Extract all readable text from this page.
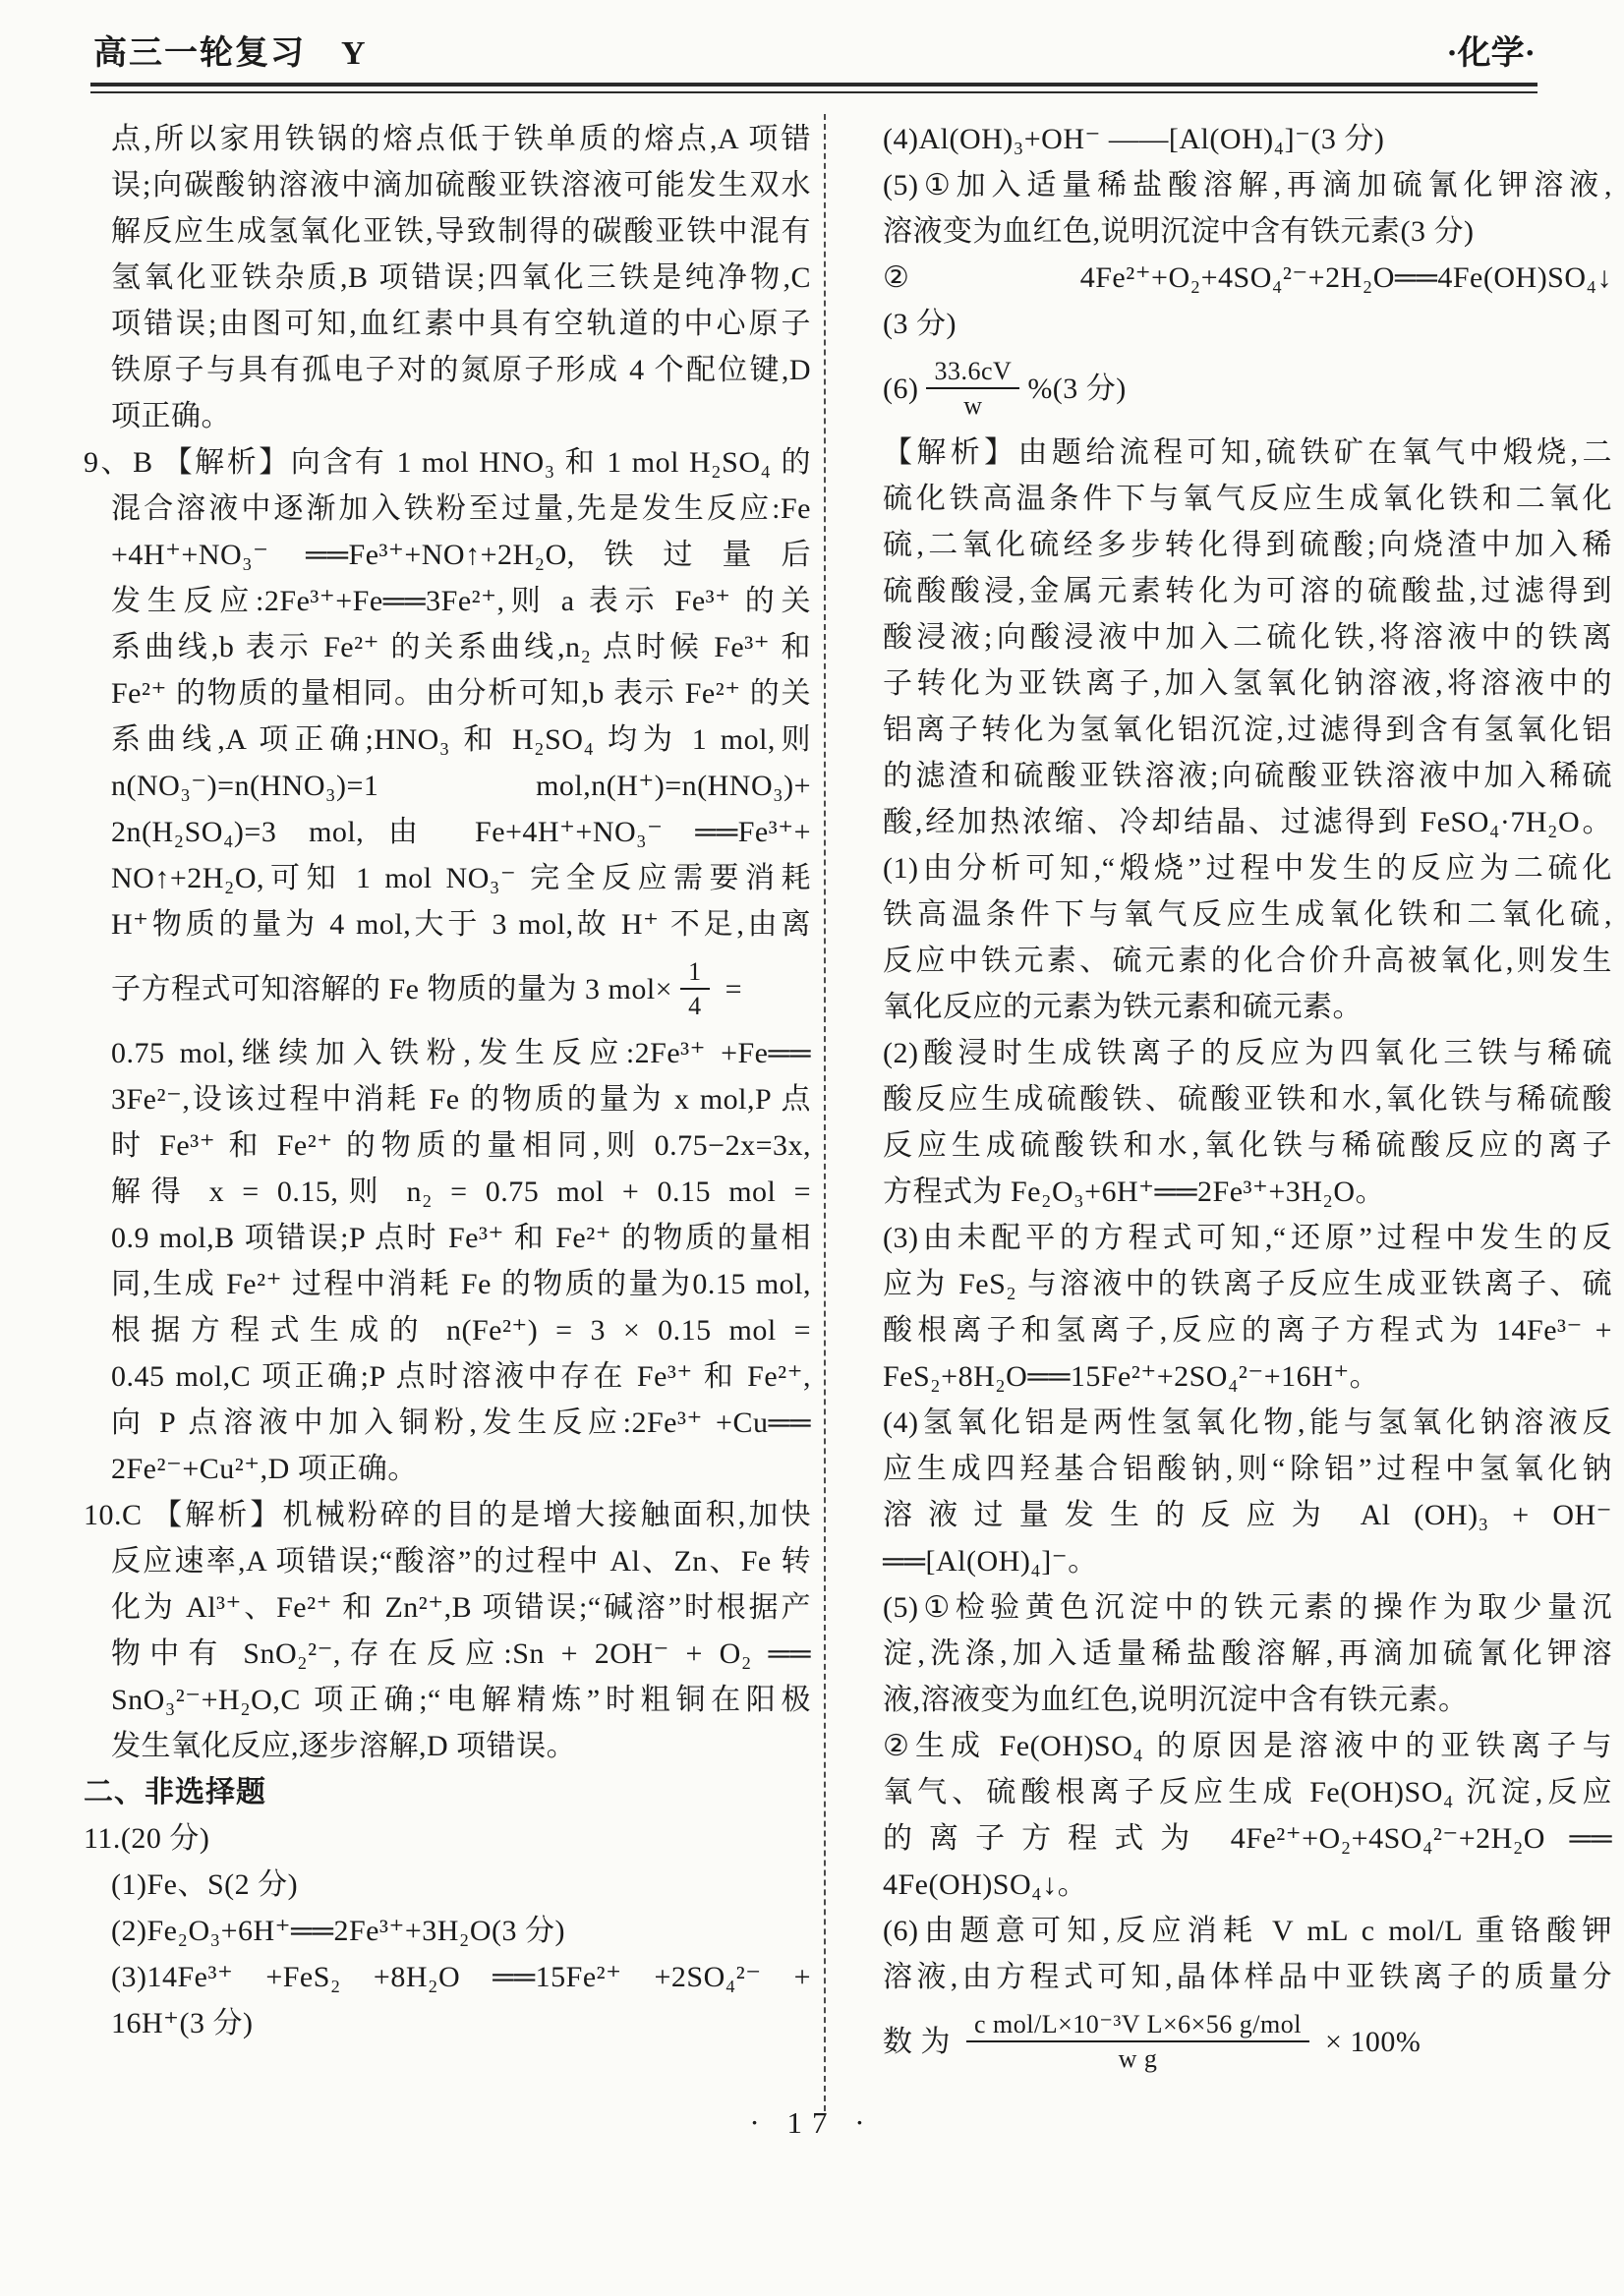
高三一轮复习　Y	·化学·
点,所以家用铁锅的熔点低于铁单质的熔点,A 项错
误;向碳酸钠溶液中滴加硫酸亚铁溶液可能发生双水
解反应生成氢氧化亚铁,导致制得的碳酸亚铁中混有
氢氧化亚铁杂质,B 项错误;四氧化三铁是纯净物,C
项错误;由图可知,血红素中具有空轨道的中心原子
铁原子与具有孤电子对的氮原子形成 4 个配位键,D
项正确。
9、B 【解析】向含有 1 mol HNO₃ 和 1 mol H₂SO₄ 的
混合溶液中逐渐加入铁粉至过量,先是发生反应:Fe
+4H⁺+NO₃⁻ ══Fe³⁺+NO↑+2H₂O,铁过量后
发生反应:2Fe³⁺+Fe══3Fe²⁺,则 a 表示 Fe³⁺ 的关
系曲线,b 表示 Fe²⁺ 的关系曲线,n₂ 点时候 Fe³⁺ 和
Fe²⁺ 的物质的量相同。由分析可知,b 表示 Fe²⁺ 的关
系曲线,A 项正确;HNO₃ 和 H₂SO₄ 均为 1 mol,则
n(NO₃⁻)=n(HNO₃)=1 mol,n(H⁺)=n(HNO₃)+
2n(H₂SO₄)=3 mol,由 Fe+4H⁺+NO₃⁻ ══Fe³⁺+
NO↑+2H₂O,可知 1 mol NO₃⁻ 完全反应需要消耗
H⁺物质的量为 4 mol,大于 3 mol,故 H⁺ 不足,由离
子方程式可知溶解的 Fe 物质的量为 3 $mol\times \frac{1}{4}$ =
0.75 mol,继续加入铁粉,发生反应:2Fe³⁺ +Fe══
3Fe²⁻,设该过程中消耗 Fe 的物质的量为 x mol,P 点
时 Fe³⁺ 和 Fe²⁺ 的物质的量相同,则 0.75−2x=3x,
解得 x = 0.15,则 n₂ = 0.75 mol + 0.15 mol =
0.9 mol,B 项错误;P 点时 Fe³⁺ 和 Fe²⁺ 的物质的量相
同,生成 Fe²⁺ 过程中消耗 Fe 的物质的量为0.15 mol,
根据方程式生成的 n(Fe²⁺) = 3 × 0.15 mol =
0.45 mol,C 项正确;P 点时溶液中存在 Fe³⁺ 和 Fe²⁺,
向 P 点溶液中加入铜粉,发生反应:2Fe³⁺ +Cu══
2Fe²⁻+Cu²⁺,D 项正确。
10.C 【解析】机械粉碎的目的是增大接触面积,加快
反应速率,A 项错误;“酸溶”的过程中 Al、Zn、Fe 转
化为 Al³⁺、Fe²⁺ 和 Zn²⁺,B 项错误;“碱溶”时根据产
物中有 SnO₂²⁻,存在反应:Sn + 2OH⁻ + O₂ ══
SnO₃²⁻+H₂O,C 项正确;“电解精炼”时粗铜在阳极
发生氧化反应,逐步溶解,D 项错误。
二、非选择题
11.(20 分)
(1)Fe、S(2 分)
(2)Fe₂O₃+6H⁺══2Fe³⁺+3H₂O(3 分)
(3)14Fe³⁺ +FeS₂ +8H₂O ══15Fe²⁺ +2SO₄²⁻ +
16H⁺(3 分)
(4)Al(OH)₃+OH⁻ ——[Al(OH)₄]⁻(3 分)
(5)①加入适量稀盐酸溶解,再滴加硫氰化钾溶液,
溶液变为血红色,说明沉淀中含有铁元素(3 分)
②4Fe²⁺+O₂+4SO₄²⁻+2H₂O══4Fe(OH)SO₄↓
(3 分)
$(6) \frac{33.6cV}{w} \%(3$ 分)
【解析】由题给流程可知,硫铁矿在氧气中煅烧,二
硫化铁高温条件下与氧气反应生成氧化铁和二氧化
硫,二氧化硫经多步转化得到硫酸;向烧渣中加入稀
硫酸酸浸,金属元素转化为可溶的硫酸盐,过滤得到
酸浸液;向酸浸液中加入二硫化铁,将溶液中的铁离
子转化为亚铁离子,加入氢氧化钠溶液,将溶液中的
铝离子转化为氢氧化铝沉淀,过滤得到含有氢氧化铝
的滤渣和硫酸亚铁溶液;向硫酸亚铁溶液中加入稀硫
酸,经加热浓缩、冷却结晶、过滤得到 FeSO₄·7H₂O。
(1)由分析可知,“煅烧”过程中发生的反应为二硫化
铁高温条件下与氧气反应生成氧化铁和二氧化硫,
反应中铁元素、硫元素的化合价升高被氧化,则发生
氧化反应的元素为铁元素和硫元素。
(2)酸浸时生成铁离子的反应为四氧化三铁与稀硫
酸反应生成硫酸铁、硫酸亚铁和水,氧化铁与稀硫酸
反应生成硫酸铁和水,氧化铁与稀硫酸反应的离子
方程式为 Fe₂O₃+6H⁺══2Fe³⁺+3H₂O。
(3)由未配平的方程式可知,“还原”过程中发生的反
应为 FeS₂ 与溶液中的铁离子反应生成亚铁离子、硫
酸根离子和氢离子,反应的离子方程式为 14Fe³⁻ +
FeS₂+8H₂O══15Fe²⁺+2SO₄²⁻+16H⁺。
(4)氢氧化铝是两性氢氧化物,能与氢氧化钠溶液反
应生成四羟基合铝酸钠,则“除铝”过程中氢氧化钠
溶液过量发生的反应为 Al (OH)₃ + OH⁻
══[Al(OH)₄]⁻。
(5)①检验黄色沉淀中的铁元素的操作为取少量沉
淀,洗涤,加入适量稀盐酸溶解,再滴加硫氰化钾溶
液,溶液变为血红色,说明沉淀中含有铁元素。
②生成 Fe(OH)SO₄ 的原因是溶液中的亚铁离子与
氧气、硫酸根离子反应生成 Fe(OH)SO₄ 沉淀,反应
的离子方程式为 4Fe²⁺+O₂+4SO₄²⁻+2H₂O ══
4Fe(OH)SO₄↓。
(6)由题意可知,反应消耗 V mL c mol/L 重铬酸钾
溶液,由方程式可知,晶体样品中亚铁离子的质量分
数 为 $\frac{\text{c mol/L×10⁻³V L×6×56 g/mol}}{\text{w g}} \times 100\%$
· 17 ·
